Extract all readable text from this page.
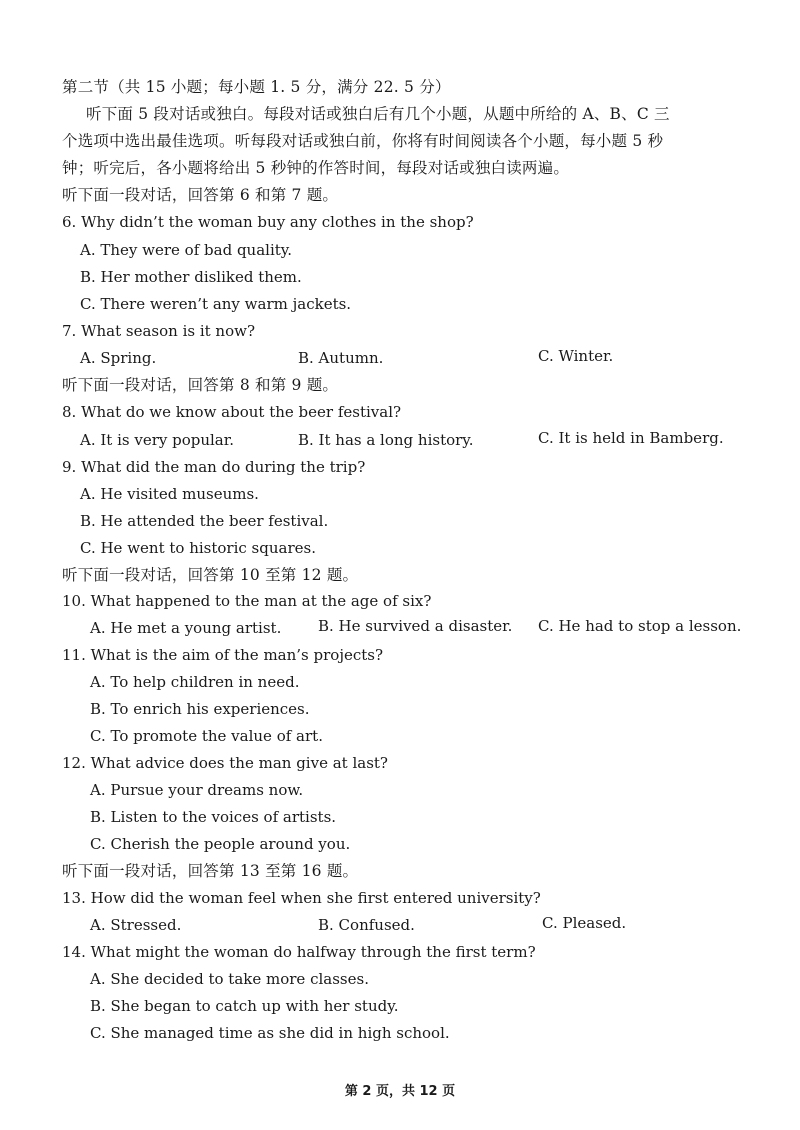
第二节（共 15 小题；每小题 1. 5 分，满分 22. 5 分）
听下面 5 段对话或独白。每段对话或独白后有几个小题，从题中所给的 A、B、C 三
个选项中选出最佳选项。听每段对话或独白前，你将有时间阅读各个小题，每小题 5 秒
钟；听完后，各小题将给出 5 秒钟的作答时间，每段对话或独白读两遍。
听下面一段对话，回答第 6 和第 7 题。
6. Why didn’t the woman buy any clothes in the shop?
A. They were of bad quality.
B. Her mother disliked them.
C. There weren’t any warm jackets.
7. What season is it now?
A. Spring.	B. Autumn.	C. Winter.
听下面一段对话，回答第 8 和第 9 题。
8. What do we know about the beer festival?
A. It is very popular.	B. It has a long history.	C. It is held in Bamberg.
9. What did the man do during the trip?
A. He visited museums.
B. He attended the beer festival.
C. He went to historic squares.
听下面一段对话，回答第 10 至第 12 题。
10. What happened to the man at the age of six?
A. He met a young artist. B. He survived a disaster. C. He had to stop a lesson.
11. What is the aim of the man’s projects?
A. To help children in need.
B. To enrich his experiences.
C. To promote the value of art.
12. What advice does the man give at last?
A. Pursue your dreams now.
B. Listen to the voices of artists.
C. Cherish the people around you.
听下面一段对话，回答第 13 至第 16 题。
13. How did the woman feel when she first entered university?
A. Stressed.	B. Confused.	C. Pleased.
14. What might the woman do halfway through the first term?
A. She decided to take more classes.
B. She began to catch up with her study.
C. She managed time as she did in high school.
第 2 页，共 12 页
